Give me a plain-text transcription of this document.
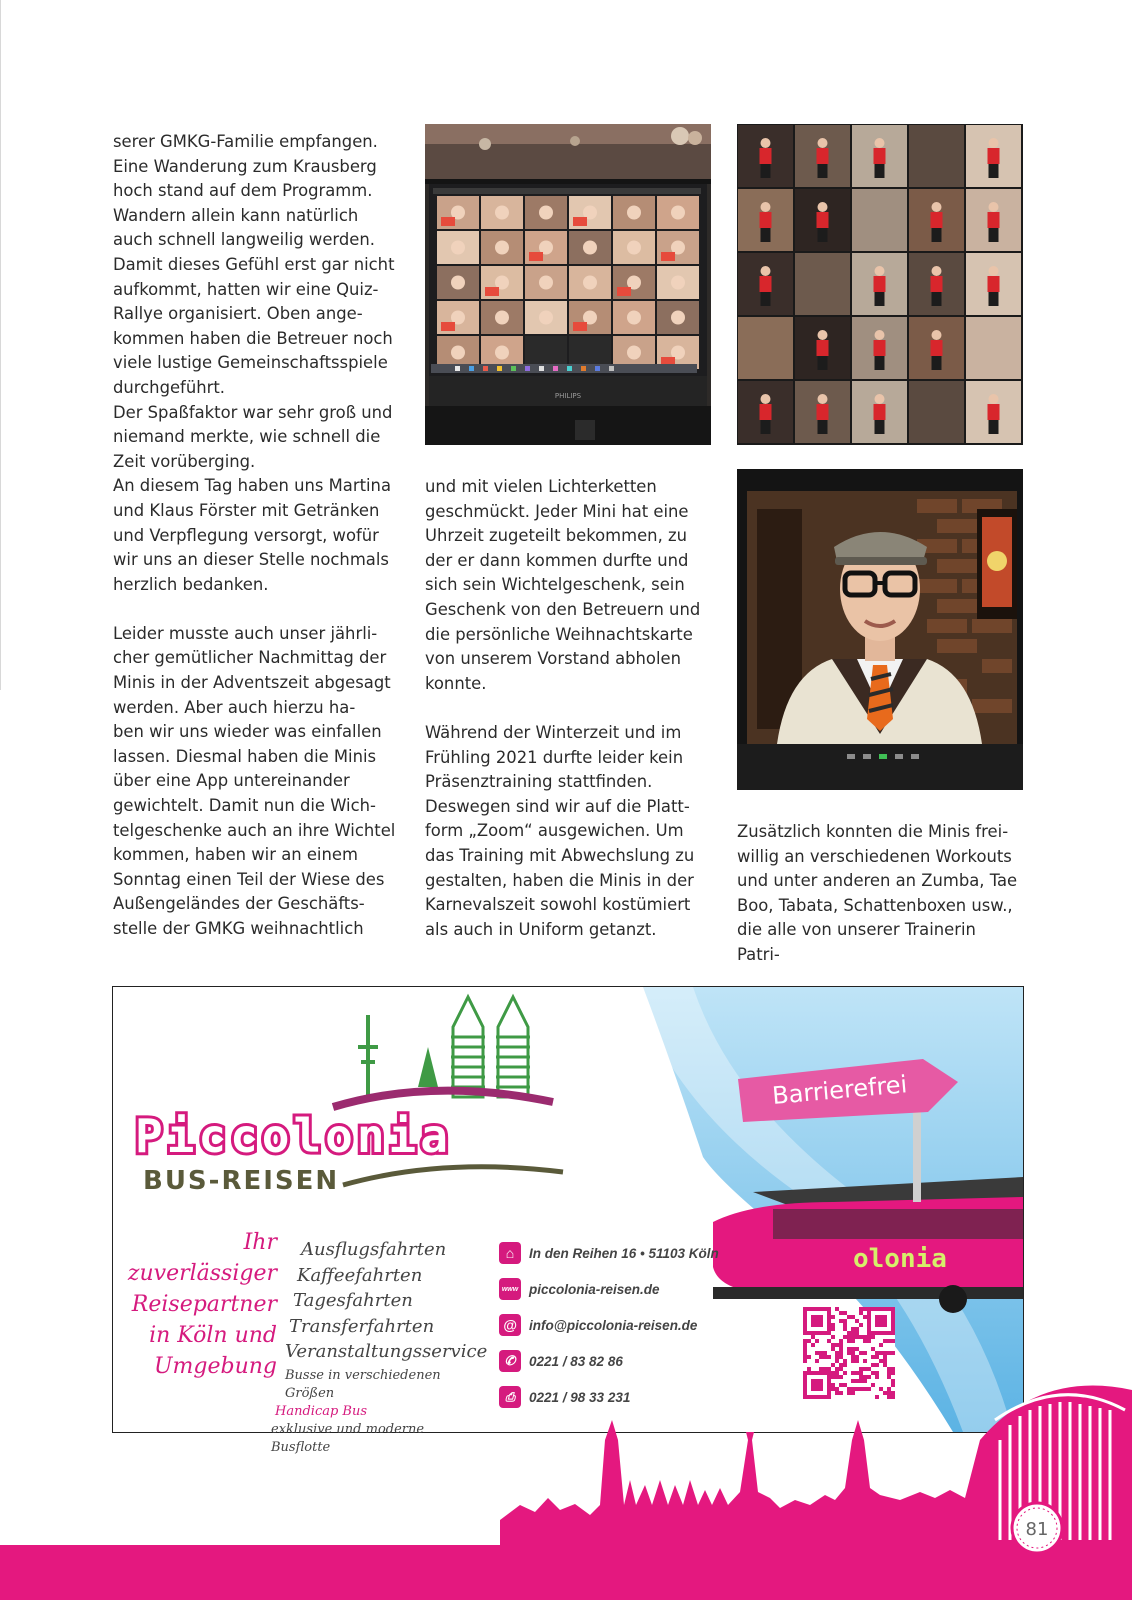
serer GMKG-Familie empfangen.
Eine Wanderung zum Krausberg
hoch stand auf dem Programm.
Wandern allein kann natürlich
auch schnell langweilig werden.
Damit dieses Gefühl erst gar nicht
aufkommt, hatten wir eine Quiz-
Rallye organisiert. Oben ange-
kommen haben die Betreuer noch
viele lustige Gemeinschaftsspiele
durchgeführt.
Der Spaßfaktor war sehr groß und
niemand merkte, wie schnell die
Zeit vorüberging.
An diesem Tag haben uns Martina
und Klaus Förster mit Getränken
und Verpflegung versorgt, wofür
wir uns an dieser Stelle nochmals
herzlich bedanken.

Leider musste auch unser jährli-
cher gemütlicher Nachmittag der
Minis in der Adventszeit abgesagt
werden. Aber auch hierzu ha-
ben wir uns wieder was einfallen
lassen. Diesmal haben die Minis
über eine App untereinander
gewichtelt. Damit nun die Wich-
telgeschenke auch an ihre Wichtel
kommen, haben wir an einem
Sonntag einen Teil der Wiese des
Außengeländes der Geschäfts-
stelle der GMKG weihnachtlich

und mit vielen Lichterketten
geschmückt. Jeder Mini hat eine
Uhrzeit zugeteilt bekommen, zu
der er dann kommen durfte und
sich sein Wichtelgeschenk, sein
Geschenk von den Betreuern und
die persönliche Weihnachtskarte
von unserem Vorstand abholen
konnte.

Während der Winterzeit und im
Frühling 2021 durfte leider kein
Präsenztraining stattfinden.
Deswegen sind wir auf die Platt-
form „Zoom“ ausgewichen. Um
das Training mit Abwechslung zu
gestalten, haben die Minis in der
Karnevalszeit sowohl kostümiert
als auch in Uniform getanzt.

Zusätzlich konnten die Minis frei-
willig an verschiedenen Workouts
und unter anderen an Zumba, Tae
Boo, Tabata, Schattenboxen usw.,
die alle von unserer Trainerin Patri-

PHILIPS
olonia
Barrierefrei
Piccolonia
BUS-REISEN
Ihr
zuverlässiger
Reisepartner
in Köln und
Umgebung
Ausflugsfahrten
Kaffeefahrten
Tagesfahrten
Transferfahrten
Veranstaltungsservice
Busse in verschiedenen Größen
Handicap Bus
exklusive und moderne Busflotte
⌂	In den Reihen 16 • 51103 Köln
www piccolonia-reisen.de
@ info@piccolonia-reisen.de
✆	0221 / 83 82 86
⎙	0221 / 98 33 231
81
